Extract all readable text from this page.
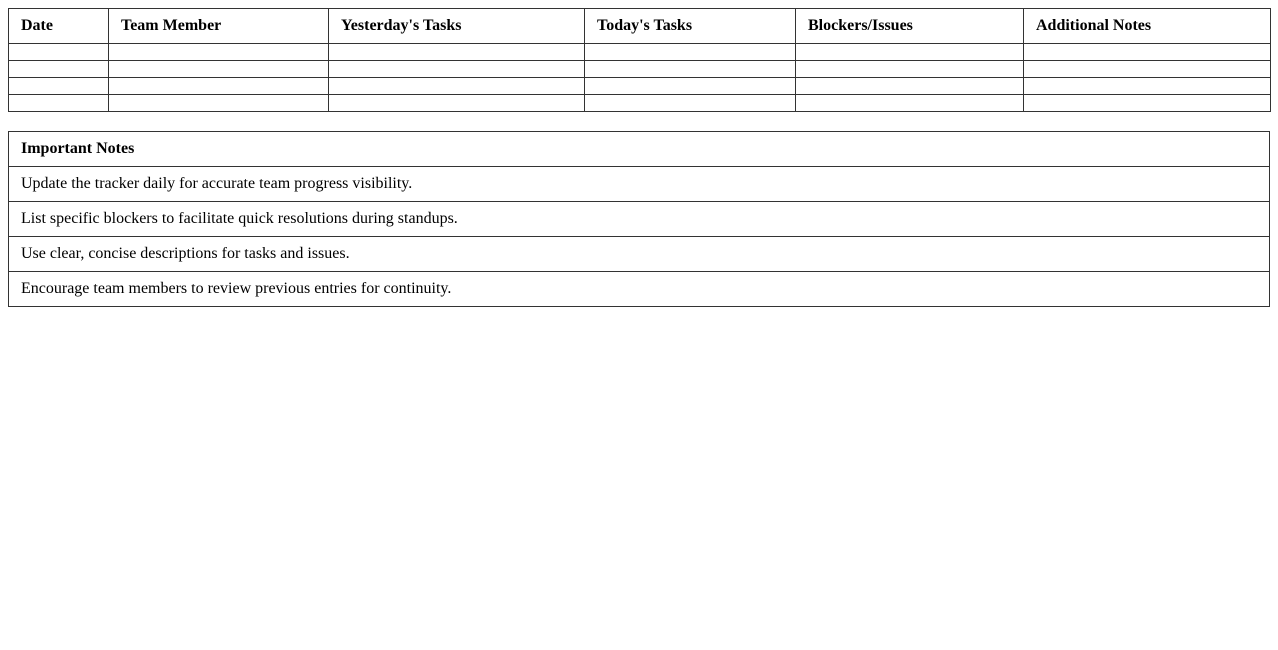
Date	Team Member	Yesterday's Tasks	Today's Tasks	Blockers/Issues	Additional Notes

Important Notes
Update the tracker daily for accurate team progress visibility.
List specific blockers to facilitate quick resolutions during standups.
Use clear, concise descriptions for tasks and issues.
Encourage team members to review previous entries for continuity.
